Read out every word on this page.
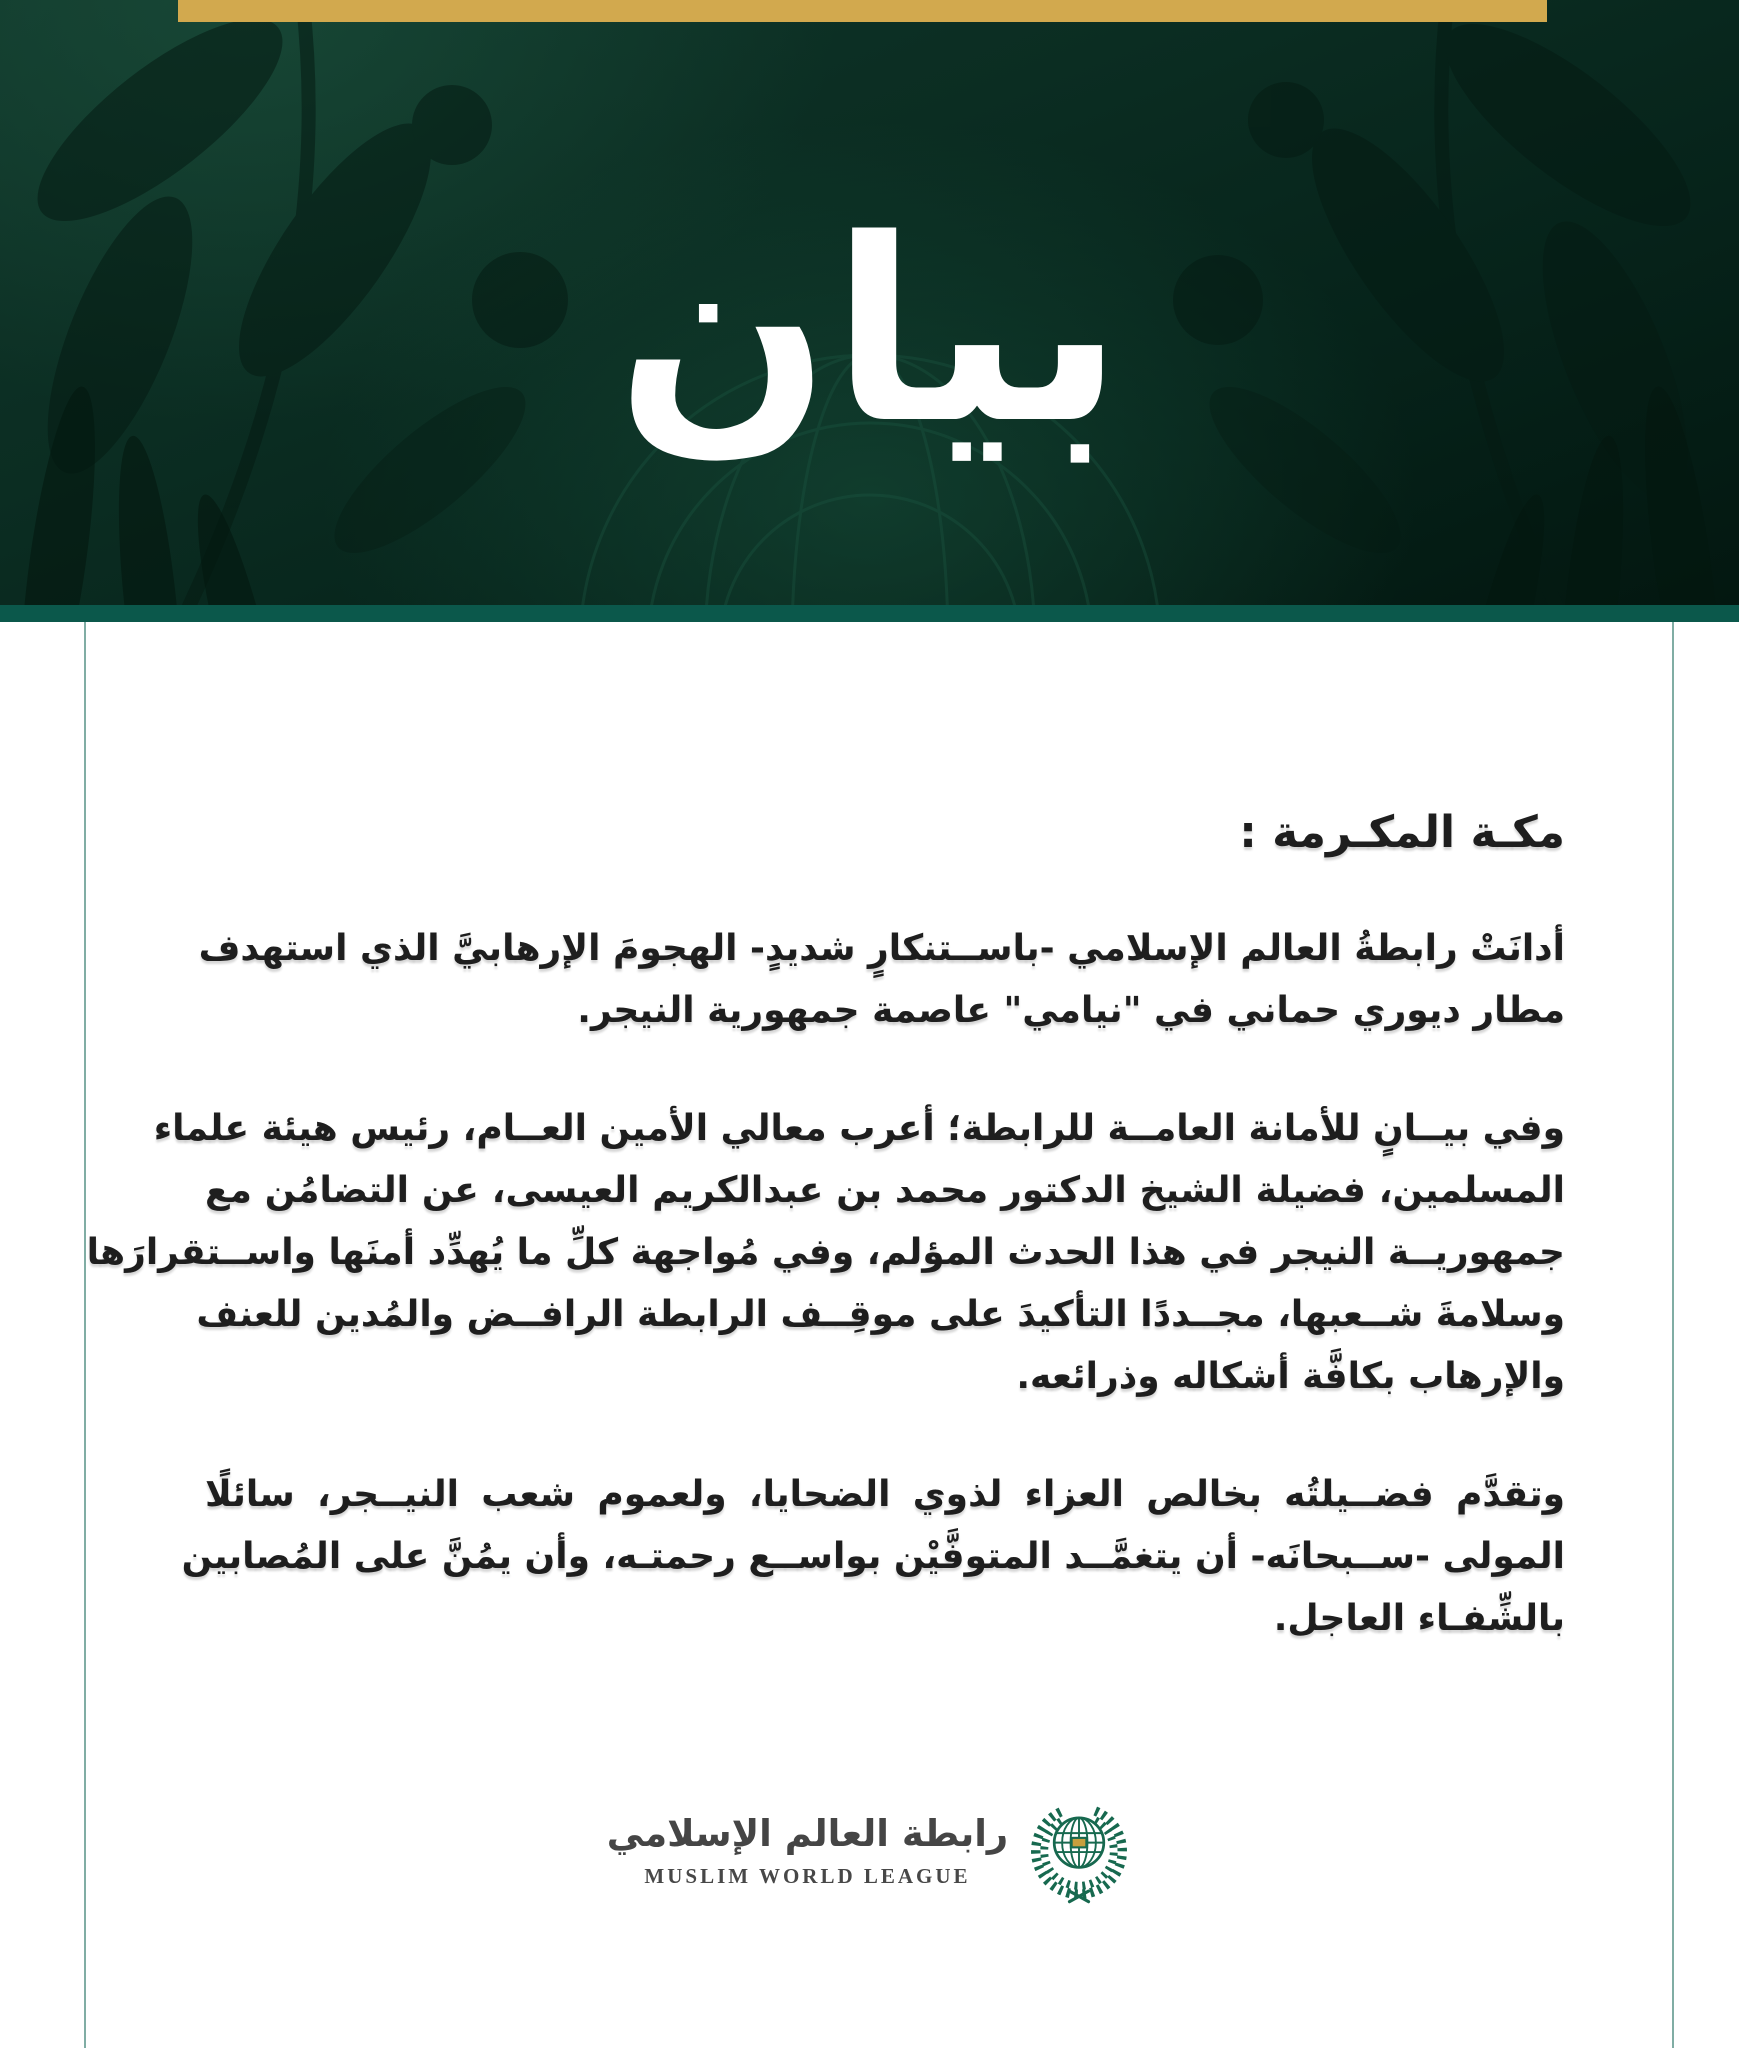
بيان
مكـة المكـرمة :
أدانَتْ رابطةُ العالم الإسلامي -باســتنكارٍ شديدٍ- الهجومَ الإرهابيَّ الذي استهدف
مطار ديوري حماني في "نيامي" عاصمة جمهورية النيجر.
وفي بيــانٍ للأمانة العامــة للرابطة؛ أعرب معالي الأمين العــام، رئيس هيئة علماء
المسلمين، فضيلة الشيخ الدكتور محمد بن عبدالكريم العيسى، عن التضامُن مع
جمهوريــة النيجر في هذا الحدث المؤلم، وفي مُواجهة كلِّ ما يُهدِّد أمنَها واســتقرارَها
وسلامةَ شــعبها، مجــددًا التأكيدَ على موقِــف الرابطة الرافــض والمُدين للعنف
والإرهاب بكافَّة أشكاله وذرائعه.
وتقدَّم فضــيلتُه بخالص العزاء لذوي الضحايا، ولعموم شعب النيــجر، سائلًا
المولى -ســبحانَه- أن يتغمَّــد المتوفَّيْن بواســع رحمتـه، وأن يمُنَّ على المُصابين
بالشِّفـاء العاجل.
رابطة العالم الإسلامي
MUSLIM WORLD LEAGUE
